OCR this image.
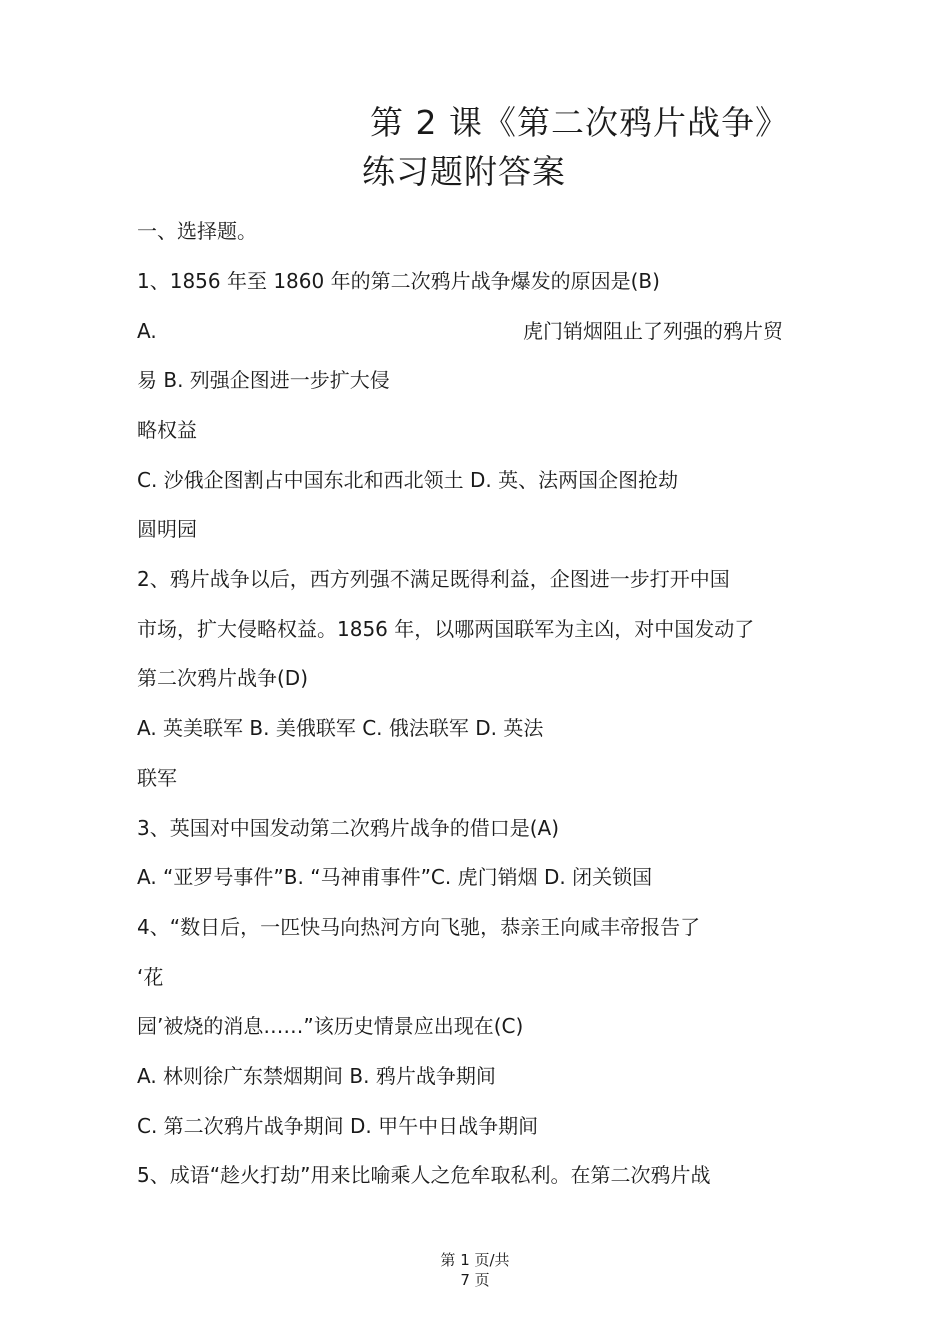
第 2 课《第二次鸦片战争》
练习题附答案
一、选择题。
1、1856 年至 1860 年的第二次鸦片战争爆发的原因是(B)
A.	虎门销烟阻止了列强的鸦片贸
易 B. 列强企图进一步扩大侵
略权益
C. 沙俄企图割占中国东北和西北领土 D. 英、法两国企图抢劫
圆明园
2、鸦片战争以后，西方列强不满足既得利益，企图进一步打开中国
市场，扩大侵略权益。1856 年，以哪两国联军为主凶，对中国发动了
第二次鸦片战争(D)
A. 英美联军 B. 美俄联军 C. 俄法联军 D. 英法
联军
3、英国对中国发动第二次鸦片战争的借口是(A)
A. “亚罗号事件”B. “马神甫事件”C. 虎门销烟 D. 闭关锁国
4、“数日后，一匹快马向热河方向飞驰，恭亲王向咸丰帝报告了
‘花
园’被烧的消息……”该历史情景应出现在(C)
A. 林则徐广东禁烟期间 B. 鸦片战争期间
C. 第二次鸦片战争期间 D. 甲午中日战争期间
5、成语“趁火打劫”用来比喻乘人之危牟取私利。在第二次鸦片战
第 1 页/共
7 页
